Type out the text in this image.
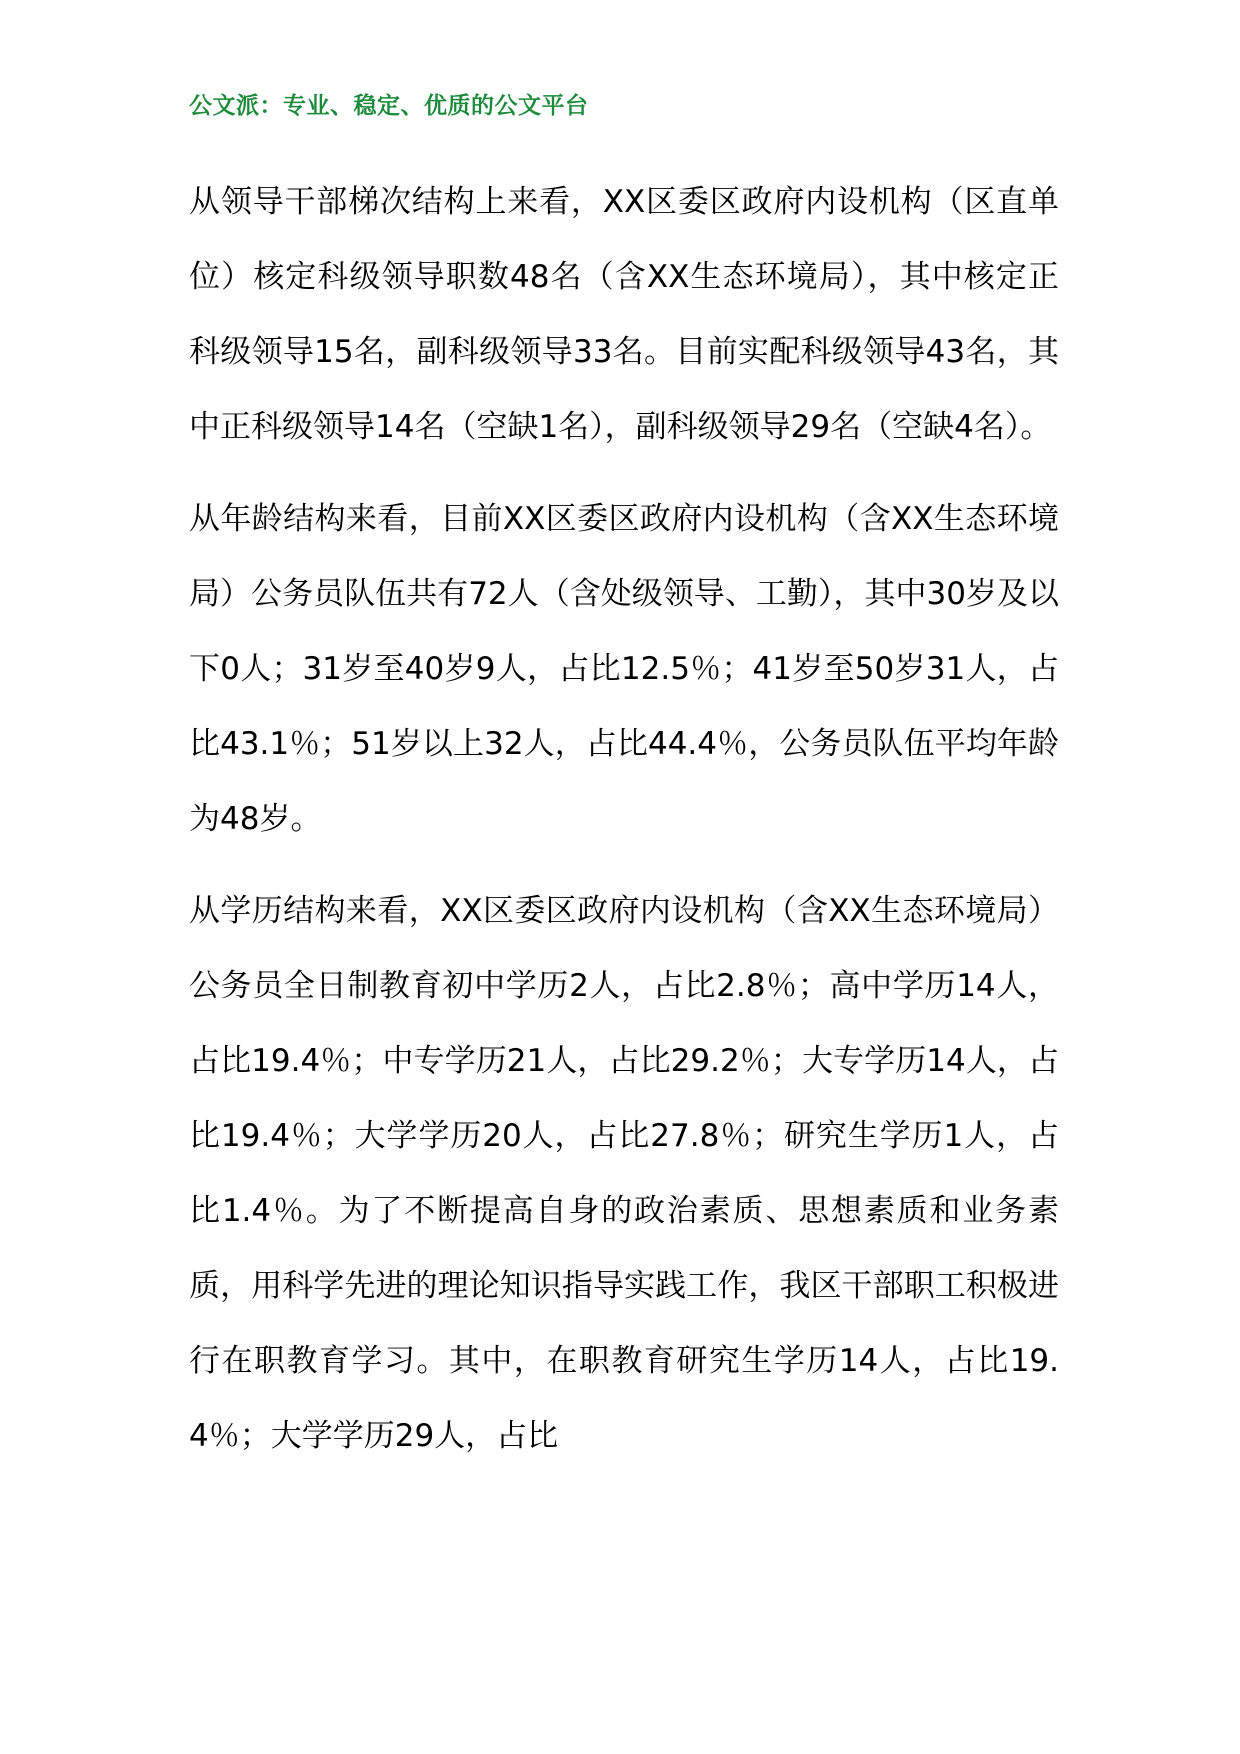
公文派：专业、稳定、优质的公文平台

从领导干部梯次结构上来看，XX区委区政府内设机构（区直单位）核定科级领导职数48名（含XX生态环境局），其中核定正科级领导15名，副科级领导33名。目前实配科级领导43名，其中正科级领导14名（空缺1名），副科级领导29名（空缺4名）。

从年龄结构来看，目前XX区委区政府内设机构（含XX生态环境局）公务员队伍共有72人（含处级领导、工勤），其中30岁及以下0人；31岁至40岁9人，占比12.5％；41岁至50岁31人，占比43.1％；51岁以上32人，占比44.4％，公务员队伍平均年龄为48岁。

从学历结构来看，XX区委区政府内设机构（含XX生态环境局）公务员全日制教育初中学历2人，占比2.8％；高中学历14人，占比19.4％；中专学历21人，占比29.2％；大专学历14人，占比19.4％；大学学历20人，占比27.8％；研究生学历1人，占比1.4％。为了不断提高自身的政治素质、思想素质和业务素质，用科学先进的理论知识指导实践工作，我区干部职工积极进行在职教育学习。其中，在职教育研究生学历14人，占比19.4％；大学学历29人，占比
